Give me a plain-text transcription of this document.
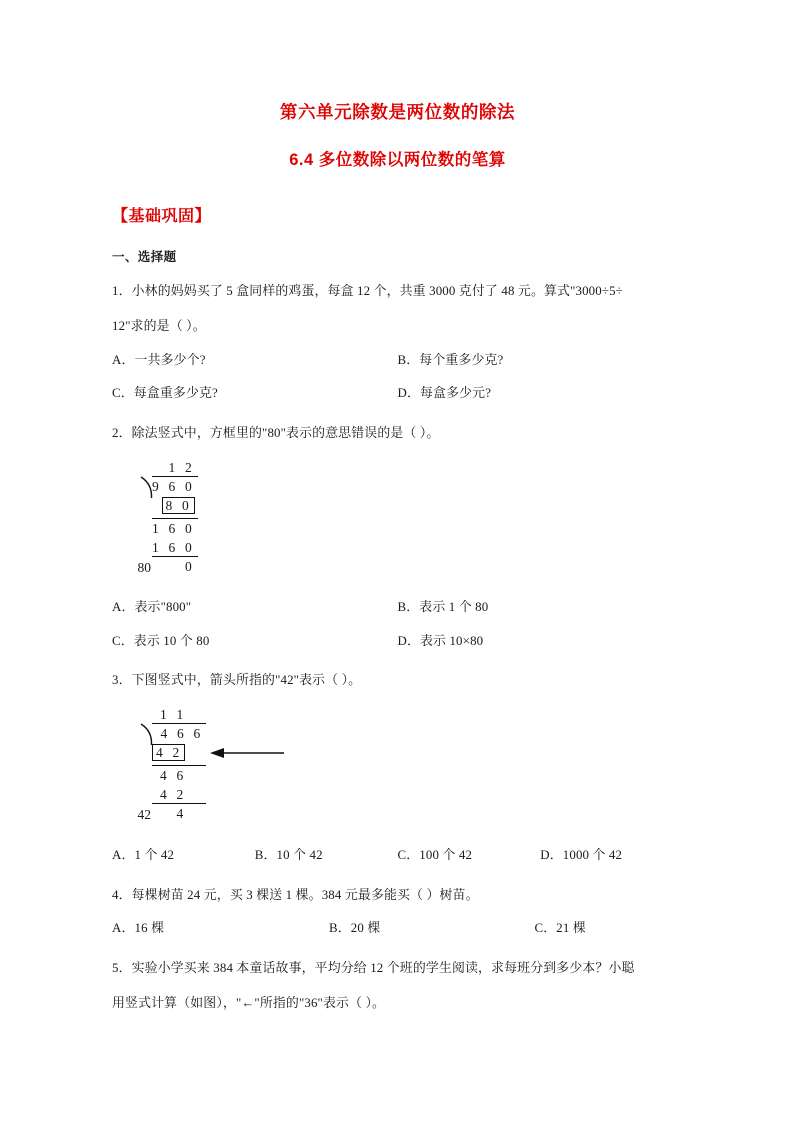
第六单元除数是两位数的除法
6.4 多位数除以两位数的笔算
【基础巩固】
一、选择题
1．小林的妈妈买了 5 盒同样的鸡蛋，每盒 12 个，共重 3000 克付了 48 元。算式"3000÷5÷
12"求的是（ ）。
A．一共多少个?	B．每个重多少克?
C．每盒重多少克?	D．每盒多少元?
2．除法竖式中，方框里的"80"表示的意思错误的是（ ）。
80
1 2
9 6 0
8 0
1 6 0
1 6 0
0
A．表示"800"	B．表示 1 个 80
C．表示 10 个 80	D．表示 10×80
3．下图竖式中，箭头所指的"42"表示（ ）。
42
1 1
4 6 6
4 2
4 6
4 2
4
A．1 个 42	B．10 个 42	C．100 个 42	D．1000 个 42
4．每棵树苗 24 元，买 3 棵送 1 棵。384 元最多能买（ ）树苗。
A．16 棵	B．20 棵	C．21 棵
5．实验小学买来 384 本童话故事，平均分给 12 个班的学生阅读，求每班分到多少本？小聪
用竖式计算（如图），"←"所指的"36"表示（ ）。
